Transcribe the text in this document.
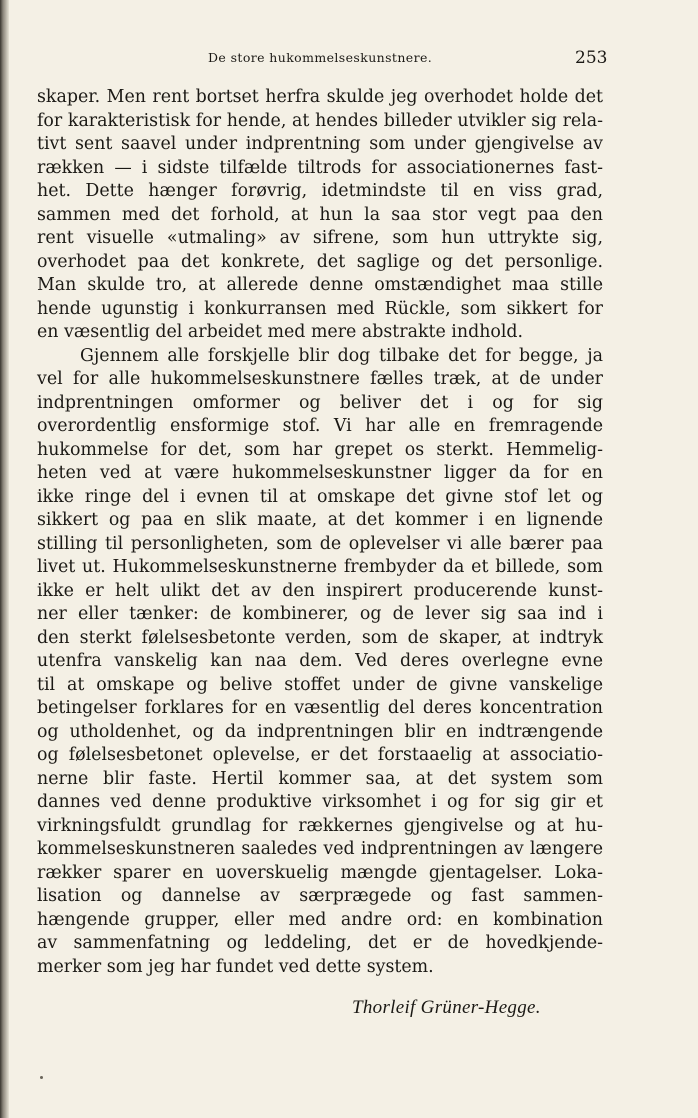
De store hukommelseskunstnere.	253
skaper. Men rent bortset herfra skulde jeg overhodet holde det
for karakteristisk for hende, at hendes billeder utvikler sig rela-
tivt sent saavel under indprentning som under gjengivelse av
rækken — i sidste tilfælde tiltrods for associationernes fast-
het. Dette hænger forøvrig, idetmindste til en viss grad,
sammen med det forhold, at hun la saa stor vegt paa den
rent visuelle «utmaling» av sifrene, som hun uttrykte sig,
overhodet paa det konkrete, det saglige og det personlige.
Man skulde tro, at allerede denne omstændighet maa stille
hende ugunstig i konkurransen med Rückle, som sikkert for
en væsentlig del arbeidet med mere abstrakte indhold.
Gjennem alle forskjelle blir dog tilbake det for begge, ja
vel for alle hukommelseskunstnere fælles træk, at de under
indprentningen omformer og beliver det i og for sig
overordentlig ensformige stof. Vi har alle en fremragende
hukommelse for det, som har grepet os sterkt. Hemmelig-
heten ved at være hukommelseskunstner ligger da for en
ikke ringe del i evnen til at omskape det givne stof let og
sikkert og paa en slik maate, at det kommer i en lignende
stilling til personligheten, som de oplevelser vi alle bærer paa
livet ut. Hukommelseskunstnerne frembyder da et billede, som
ikke er helt ulikt det av den inspirert producerende kunst-
ner eller tænker: de kombinerer, og de lever sig saa ind i
den sterkt følelsesbetonte verden, som de skaper, at indtryk
utenfra vanskelig kan naa dem. Ved deres overlegne evne
til at omskape og belive stoffet under de givne vanskelige
betingelser forklares for en væsentlig del deres koncentration
og utholdenhet, og da indprentningen blir en indtrængende
og følelsesbetonet oplevelse, er det forstaaelig at associatio-
nerne blir faste. Hertil kommer saa, at det system som
dannes ved denne produktive virksomhet i og for sig gir et
virkningsfuldt grundlag for rækkernes gjengivelse og at hu-
kommelseskunstneren saaledes ved indprentningen av længere
rækker sparer en uoverskuelig mængde gjentagelser. Loka-
lisation og dannelse av særprægede og fast sammen-
hængende grupper, eller med andre ord: en kombination
av sammenfatning og leddeling, det er de hovedkjende-
merker som jeg har fundet ved dette system.
Thorleif Grüner-Hegge.
